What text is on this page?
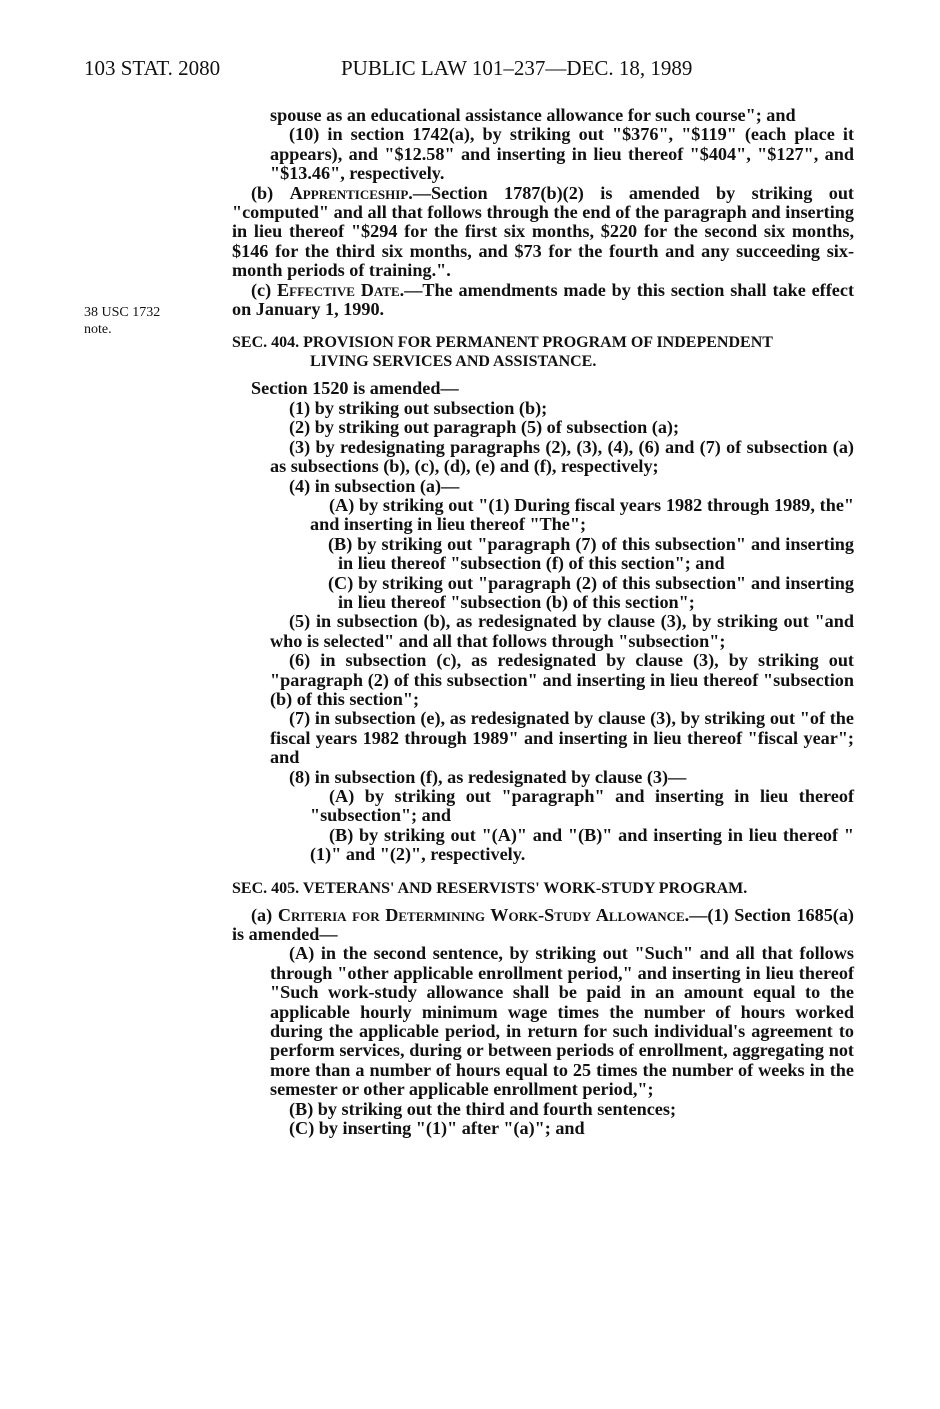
103 STAT. 2080	PUBLIC LAW 101–237—DEC. 18, 1989
38 USC 1732
note.

spouse as an educational assistance allowance for such course"; and

(10) in section 1742(a), by striking out "$376", "$119" (each place it appears), and "$12.58" and inserting in lieu thereof "$404", "$127", and "$13.46", respectively.

(b) Apprenticeship.—Section 1787(b)(2) is amended by striking out "computed" and all that follows through the end of the paragraph and inserting in lieu thereof "$294 for the first six months, $220 for the second six months, $146 for the third six months, and $73 for the fourth and any succeeding six-month periods of training.".

(c) Effective Date.—The amendments made by this section shall take effect on January 1, 1990.

SEC. 404. PROVISION FOR PERMANENT PROGRAM OF INDEPENDENT
LIVING SERVICES AND ASSISTANCE.

Section 1520 is amended—

(1) by striking out subsection (b);

(2) by striking out paragraph (5) of subsection (a);

(3) by redesignating paragraphs (2), (3), (4), (6) and (7) of subsection (a) as subsections (b), (c), (d), (e) and (f), respectively;

(4) in subsection (a)—

(A) by striking out "(1) During fiscal years 1982 through 1989, the" and inserting in lieu thereof "The";

(B) by striking out "paragraph (7) of this subsection" and inserting in lieu thereof "subsection (f) of this section"; and

(C) by striking out "paragraph (2) of this subsection" and inserting in lieu thereof "subsection (b) of this section";

(5) in subsection (b), as redesignated by clause (3), by striking out "and who is selected" and all that follows through "subsection";

(6) in subsection (c), as redesignated by clause (3), by striking out "paragraph (2) of this subsection" and inserting in lieu thereof "subsection (b) of this section";

(7) in subsection (e), as redesignated by clause (3), by striking out "of the fiscal years 1982 through 1989" and inserting in lieu thereof "fiscal year"; and

(8) in subsection (f), as redesignated by clause (3)—

(A) by striking out "paragraph" and inserting in lieu thereof "subsection"; and

(B) by striking out "(A)" and "(B)" and inserting in lieu thereof "(1)" and "(2)", respectively.

SEC. 405. VETERANS' AND RESERVISTS' WORK-STUDY PROGRAM.

(a) Criteria for Determining Work-Study Allowance.—(1) Section 1685(a) is amended—

(A) in the second sentence, by striking out "Such" and all that follows through "other applicable enrollment period," and inserting in lieu thereof "Such work-study allowance shall be paid in an amount equal to the applicable hourly minimum wage times the number of hours worked during the applicable period, in return for such individual's agreement to perform services, during or between periods of enrollment, aggregating not more than a number of hours equal to 25 times the number of weeks in the semester or other applicable enrollment period,";

(B) by striking out the third and fourth sentences;

(C) by inserting "(1)" after "(a)"; and
